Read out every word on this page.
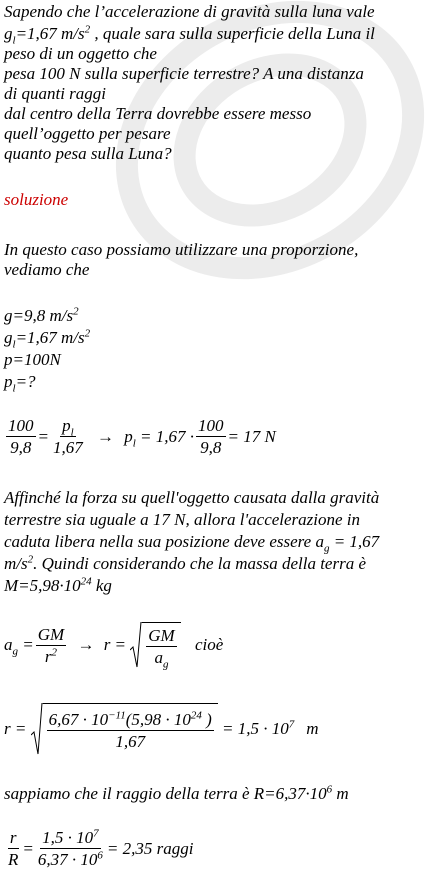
Sapendo che l’accelerazione di gravità sulla luna vale
$g_l=1,67$ $m/s^2$ , quale sara sulla superficie della Luna il
peso di un oggetto che
pesa 100 N sulla superficie terrestre? A una distanza
di quanti raggi
dal centro della Terra dovrebbe essere messo
quell’oggetto per pesare
quanto pesa sulla Luna?
soluzione
In questo caso possiamo utilizzare una proporzione,
vediamo che
g=9,8 $m/s^2$
$g_l=1,67$ $m/s^2$
p=100N
$p_l=$?
$\frac{100}{9,8} = \frac{p_l}{1,67} \to p_l = 1,67 \cdot \frac{100}{9,8} = 17$ N
Affinché la forza su quell'oggetto causata dalla gravità
terrestre sia uguale a 17 N, allora l'accelerazione in
caduta libera nella sua posizione deve essere $a_g = 1,67$
$m/s^2$. Quindi considerando che la massa della terra è
$M=5,98\cdot 10^{24}$ kg
$a_g = \frac{GM}{r^2} \to r = \frac{GM}{a_g}$ cioè
$r = \frac{6,67 \cdot 10^{-11}(5,98 \cdot 10^{24} )}{1,67} = 1,5 \cdot 10^7$ m
sappiamo che il raggio della terra è $R=6,37\cdot 10^6$ m
$\frac{r}{R} = \frac{1,5 \cdot 10^7}{6,37 \cdot 10^6} = 2,35$ raggi
